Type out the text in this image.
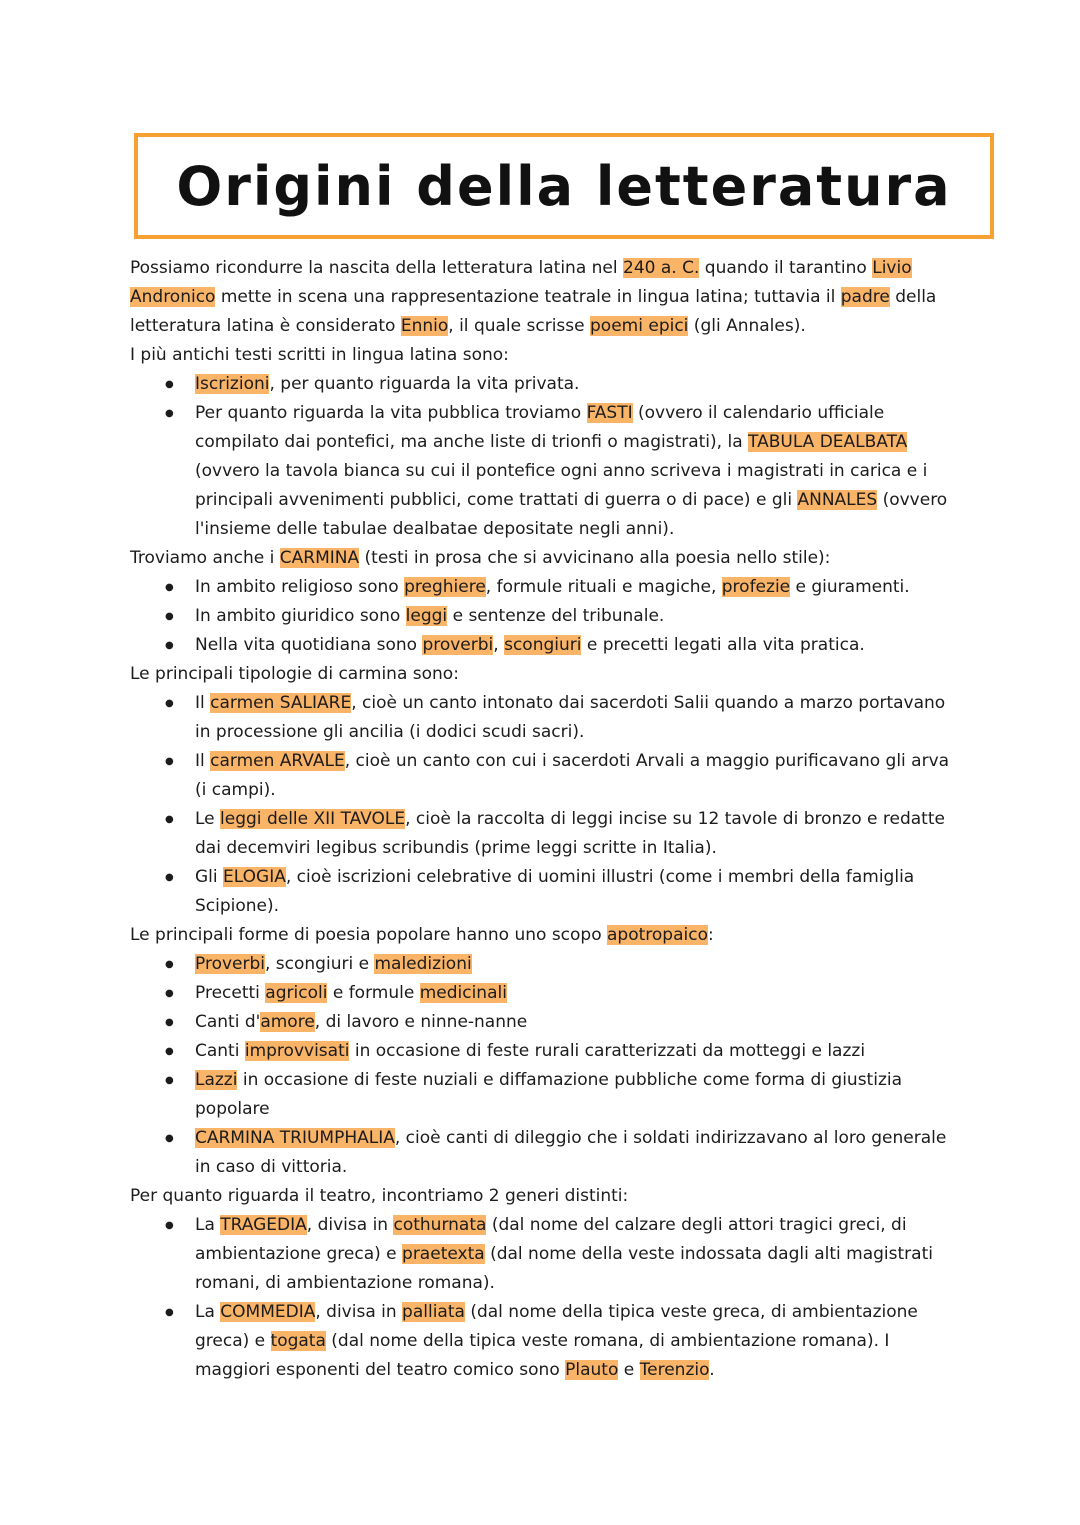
Origini della letteratura

Possiamo ricondurre la nascita della letteratura latina nel 240 a. C. quando il tarantino Livio Andronico mette in scena una rappresentazione teatrale in lingua latina; tuttavia il padre della letteratura latina è considerato Ennio, il quale scrisse poemi epici (gli Annales).

I più antichi testi scritti in lingua latina sono:

● Iscrizioni, per quanto riguarda la vita privata.
● Per quanto riguarda la vita pubblica troviamo FASTI (ovvero il calendario ufficiale compilato dai pontefici, ma anche liste di trionfi o magistrati), la TABULA DEALBATA (ovvero la tavola bianca su cui il pontefice ogni anno scriveva i magistrati in carica e i principali avvenimenti pubblici, come trattati di guerra o di pace) e gli ANNALES (ovvero l'insieme delle tabulae dealbatae depositate negli anni).

Troviamo anche i CARMINA (testi in prosa che si avvicinano alla poesia nello stile):

● In ambito religioso sono preghiere, formule rituali e magiche, profezie e giuramenti.
● In ambito giuridico sono leggi e sentenze del tribunale.
● Nella vita quotidiana sono proverbi, scongiuri e precetti legati alla vita pratica.

Le principali tipologie di carmina sono:

● Il carmen SALIARE, cioè un canto intonato dai sacerdoti Salii quando a marzo portavano in processione gli ancilia (i dodici scudi sacri).
● Il carmen ARVALE, cioè un canto con cui i sacerdoti Arvali a maggio purificavano gli arva (i campi).
● Le leggi delle XII TAVOLE, cioè la raccolta di leggi incise su 12 tavole di bronzo e redatte dai decemviri legibus scribundis (prime leggi scritte in Italia).
● Gli ELOGIA, cioè iscrizioni celebrative di uomini illustri (come i membri della famiglia Scipione).

Le principali forme di poesia popolare hanno uno scopo apotropaico:

● Proverbi, scongiuri e maledizioni
● Precetti agricoli e formule medicinali
● Canti d'amore, di lavoro e ninne-nanne
● Canti improvvisati in occasione di feste rurali caratterizzati da motteggi e lazzi
● Lazzi in occasione di feste nuziali e diffamazione pubbliche come forma di giustizia popolare
● CARMINA TRIUMPHALIA, cioè canti di dileggio che i soldati indirizzavano al loro generale in caso di vittoria.

Per quanto riguarda il teatro, incontriamo 2 generi distinti:

● La TRAGEDIA, divisa in cothurnata (dal nome del calzare degli attori tragici greci, di ambientazione greca) e praetexta (dal nome della veste indossata dagli alti magistrati romani, di ambientazione romana).
● La COMMEDIA, divisa in palliata (dal nome della tipica veste greca, di ambientazione greca) e togata (dal nome della tipica veste romana, di ambientazione romana). I maggiori esponenti del teatro comico sono Plauto e Terenzio.
